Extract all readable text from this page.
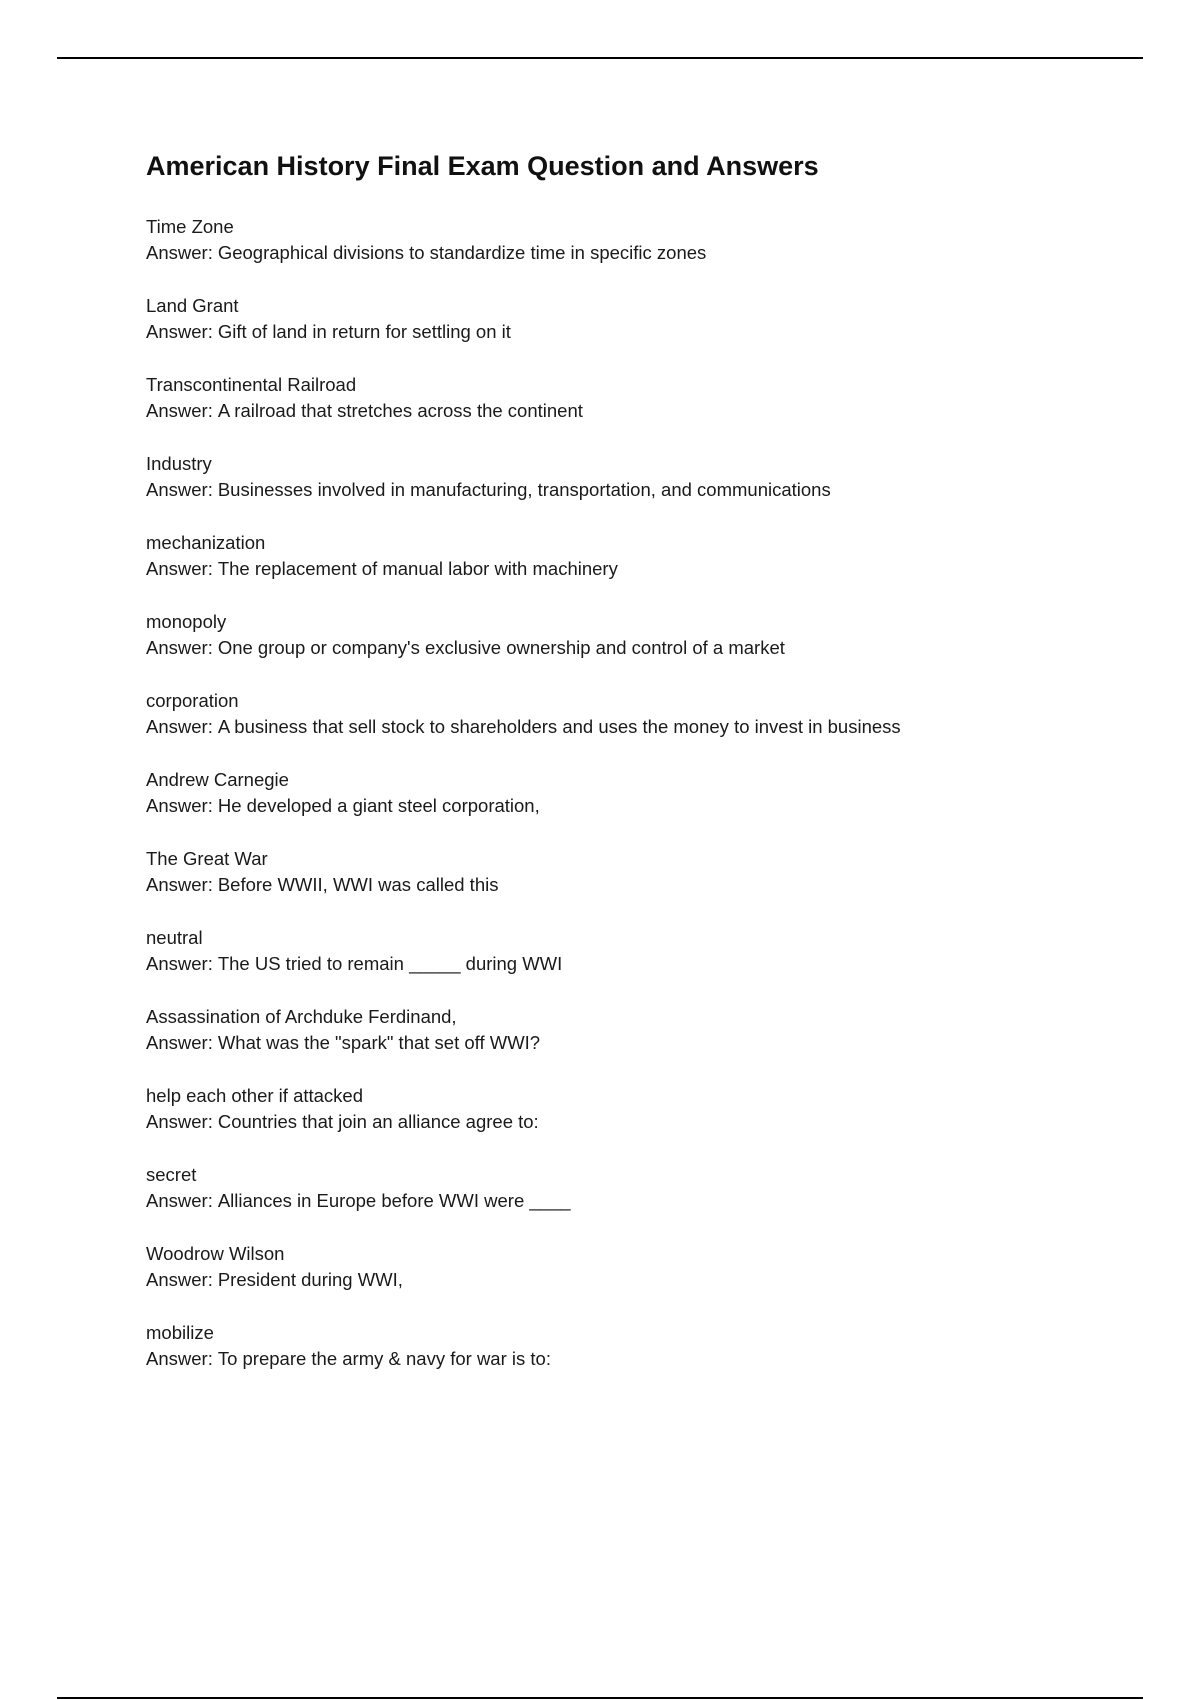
American History Final Exam Question and Answers
Time Zone
Answer: Geographical divisions to standardize time in specific zones
Land Grant
Answer: Gift of land in return for settling on it
Transcontinental Railroad
Answer: A railroad that stretches across the continent
Industry
Answer: Businesses involved in manufacturing, transportation, and communications
mechanization
Answer: The replacement of manual labor with machinery
monopoly
Answer: One group or company's exclusive ownership and control of a market
corporation
Answer: A business that sell stock to shareholders and uses the money to invest in business
Andrew Carnegie
Answer: He developed a giant steel corporation,
The Great War
Answer: Before WWII, WWI was called this
neutral
Answer: The US tried to remain _____ during WWI
Assassination of Archduke Ferdinand,
Answer: What was the "spark" that set off WWI?
help each other if attacked
Answer: Countries that join an alliance agree to:
secret
Answer: Alliances in Europe before WWI were ____
Woodrow Wilson
Answer: President during WWI,
mobilize
Answer: To prepare the army & navy for war is to:
